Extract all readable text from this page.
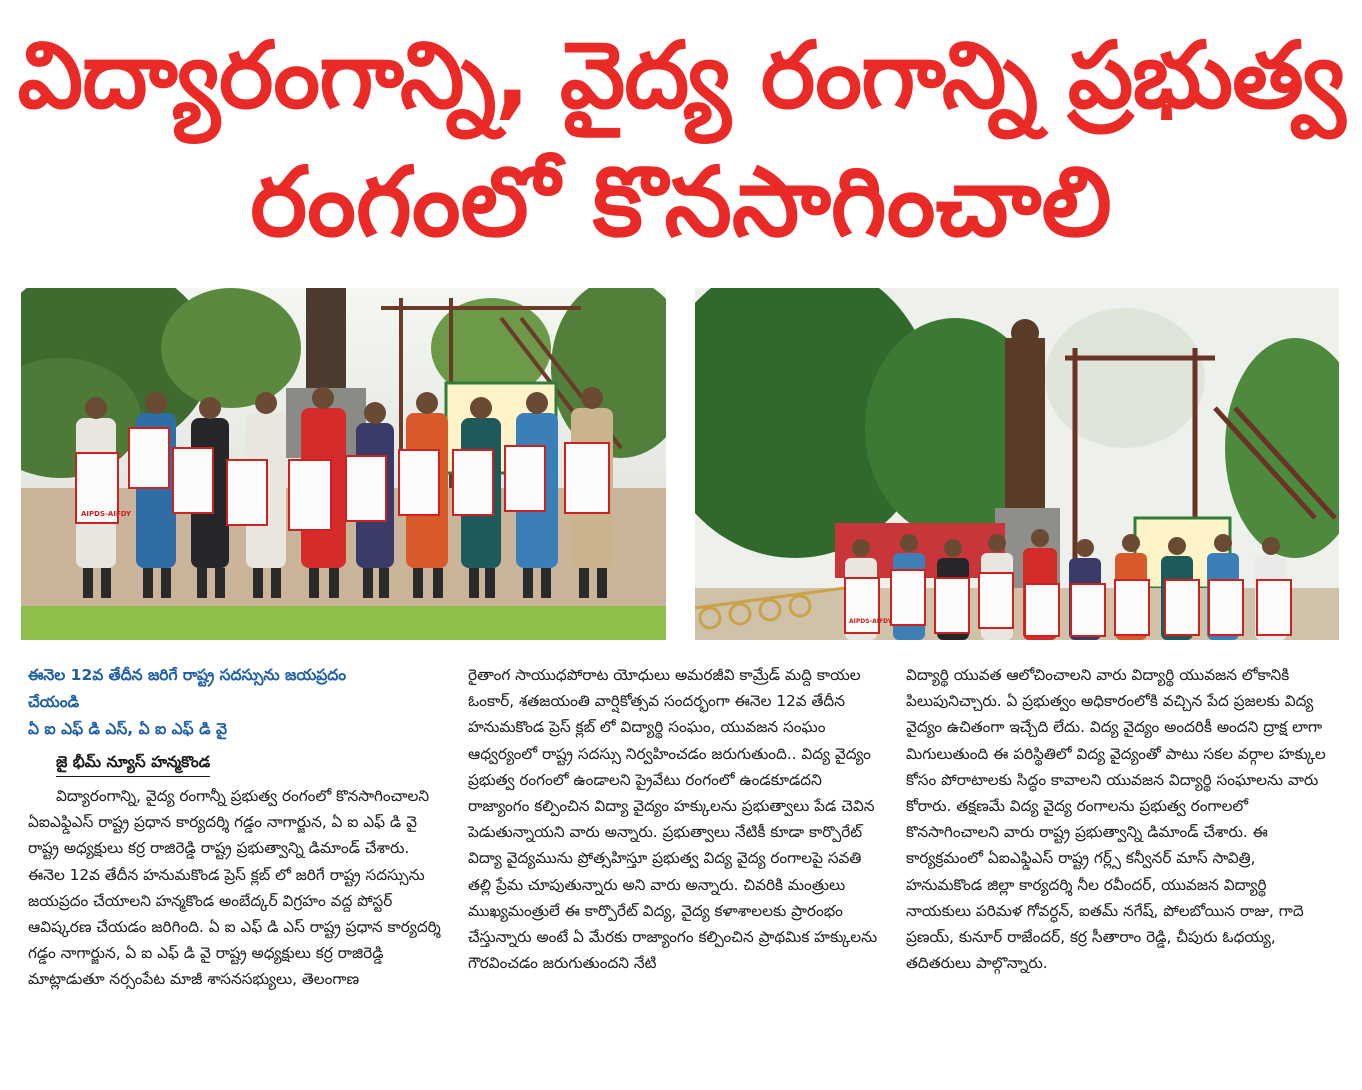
విద్యారంగాన్ని, వైద్య రంగాన్ని ప్రభుత్వ
రంగంలో కొనసాగించాలి
AIPDS-AIFDY
AIPDS-AIFDY

ఈనెల 12వ తేదీన జరిగే రాష్ట్ర సదస్సును జయప్రదం

చేయండి

ఏ ఐ ఎఫ్ డి ఎస్, ఏ ఐ ఎఫ్ డి వై

జై భీమ్ న్యూస్ హన్మకొండ

విద్యారంగాన్ని, వైద్య రంగాన్నీ ప్రభుత్వ రంగంలో కొనసాగించాలని ఏఐఎఫ్డిఎస్ రాష్ట్ర ప్రధాన కార్యదర్శి గడ్డం నాగార్జున, ఏ ఐ ఎఫ్ డి వై రాష్ట్ర అధ్యక్షులు కర్ర రాజిరెడ్డి రాష్ట్ర ప్రభుత్వాన్ని డిమాండ్ చేశారు. ఈనెల 12వ తేదీన హనుమకొండ ప్రెస్ క్లబ్ లో జరిగే రాష్ట్ర సదస్సును జయప్రదం చేయాలని హన్మకొండ అంబేద్కర్ విగ్రహం వద్ద పోస్టర్ ఆవిష్కరణ చేయడం జరిగింది. ఏ ఐ ఎఫ్ డి ఎస్ రాష్ట్ర ప్రధాన కార్యదర్శి గడ్డం నాగార్జున, ఏ ఐ ఎఫ్ డి వై రాష్ట్ర అధ్యక్షులు కర్ర రాజిరెడ్డి మాట్లాడుతూ నర్సంపేట మాజీ శాసనసభ్యులు, తెలంగాణ

రైతాంగ సాయుధపోరాట యోధులు అమరజీవి కామ్రేడ్ మద్ది కాయల ఓంకార్, శతజయంతి వార్షికోత్సవ సందర్భంగా ఈనెల 12వ తేదీన హనుమకొండ ప్రెస్ క్లబ్ లో విద్యార్థి సంఘం, యువజన సంఘం ఆధ్వర్యంలో రాష్ట్ర సదస్సు నిర్వహించడం జరుగుతుంది.. విద్య వైద్యం ప్రభుత్వ రంగంలో ఉండాలని ప్రైవేటు రంగంలో ఉండకూడదని రాజ్యాంగం కల్పించిన విద్యా వైద్యం హక్కులను ప్రభుత్వాలు పేడ చెవిన పెడుతున్నాయని వారు అన్నారు. ప్రభుత్వాలు నేటికీ కూడా కార్పొరేట్ విద్యా వైద్యమును ప్రోత్సహిస్తూ ప్రభుత్వ విద్య వైద్య రంగాలపై సవతి తల్లి ప్రేమ చూపుతున్నారు అని వారు అన్నారు. చివరికి మంత్రులు ముఖ్యమంత్రులే ఈ కార్పొరేట్ విద్య, వైద్య కళాశాలలకు ప్రారంభం చేస్తున్నారు అంటే ఏ మేరకు రాజ్యాంగం కల్పించిన ప్రాథమిక హక్కులను గౌరవించడం జరుగుతుందని నేటి

విద్యార్థి యువత ఆలోచించాలని వారు విద్యార్థి యువజన లోకానికి పిలుపునిచ్చారు. ఏ ప్రభుత్వం అధికారంలోకి వచ్చిన పేద ప్రజలకు విద్య వైద్యం ఉచితంగా ఇచ్చేది లేదు. విద్య వైద్యం అందరికీ అందని ద్రాక్ష లాగా మిగులుతుంది ఈ పరిస్థితిలో విద్య వైద్యంతో పాటు సకల వర్గాల హక్కుల కోసం పోరాటాలకు సిద్ధం కావాలని యువజన విద్యార్థి సంఘాలను వారు కోరారు. తక్షణమే విద్య వైద్య రంగాలను ప్రభుత్వ రంగాలలో కొనసాగించాలని వారు రాష్ట్ర ప్రభుత్వాన్ని డిమాండ్ చేశారు. ఈ కార్యక్రమంలో ఏఐఎఫ్డిఎస్ రాష్ట్ర గర్ల్స్ కన్వీనర్ మాస్ సావిత్రి, హనుమకొండ జిల్లా కార్యదర్శి నీల రవీందర్, యువజన విద్యార్థి నాయకులు పరిమళ గోవర్ధన్, ఐతమ్ నగేష్, పోలబోయిన రాజు, గాదె ప్రణయ్, కునూర్ రాజేందర్, కర్ర సీతారాం రెడ్డి, చీపురు ఓధయ్య, తదితరులు పాల్గొన్నారు.
